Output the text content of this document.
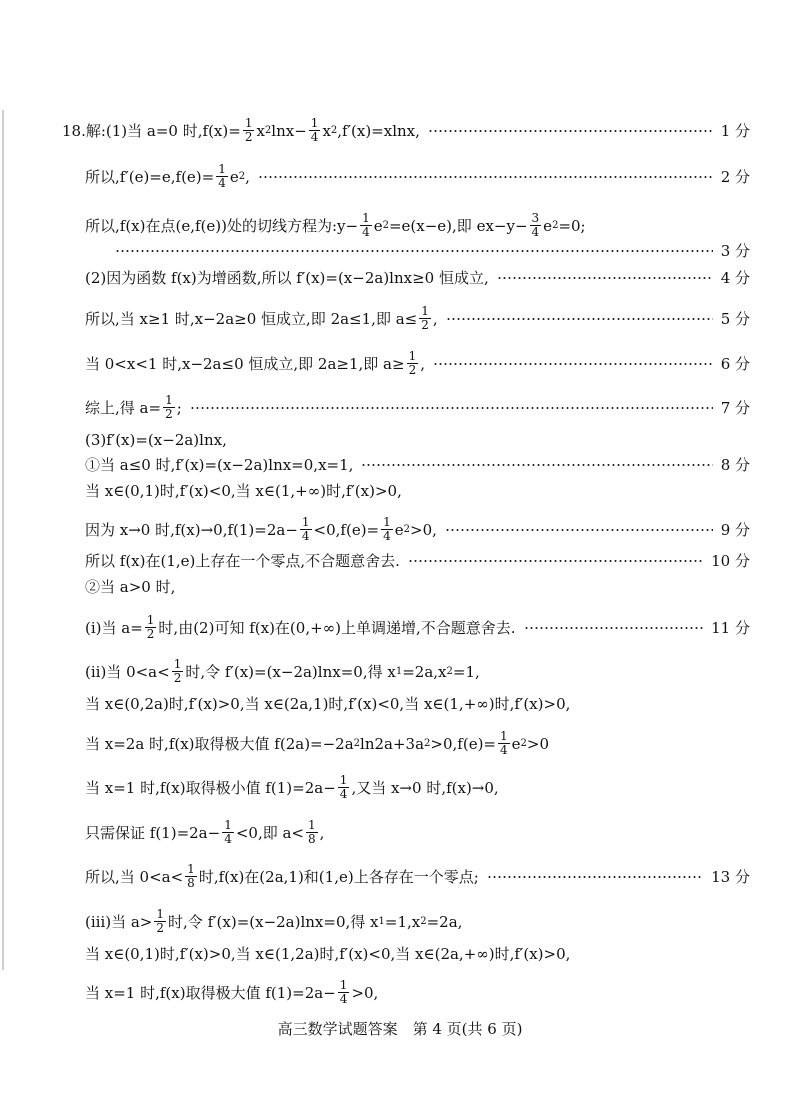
18.解:(1)当 a=0 时$,f(x)= \frac{1}{2}$ x 2 $\ln x- \frac{1}{4}$ x 2 ,f′(x)=xlnx,	1 分
所以$,f'(e)=e,f(e)= \frac{1}{4}$ e 2 ,	2 分
所以,f(x)在点(e,f(e))处的切线方程为:y− $\frac{1}{4}$ e 2 =e(x−e),即 $ex-y- \frac{3}{4}$ e 2 =0;
3 分
(2)因为函数 f(x)为增函数,所以 f′(x)=(x−2a)lnx≥0 恒成立,	4 分
所以,当 x≥1 时,x−2a≥0 恒成立,即 2a≤1,即 $a\le \frac{1}{2}$ ,	5 分
当 0<x<1 时,x−2a≤0 恒成立,即 2a≥1,即 $a\ge \frac{1}{2}$ ,	6 分
综上,得 $a= \frac{1}{2}$ ;	7 分
(3)f′(x)=(x−2a)lnx,
①当 a≤0 时,f′(x)=(x−2a)lnx=0,x=1,	8 分
当 x∈(0,1)时,f′(x)<0,当 x∈(1,+∞)时,f′(x)>0,
因为 x→0 时$,f(x)\to 0,f(1)=2a- \frac{1}{4} <0,f(e)= \frac{1}{4}$ e 2 >0,	9 分
所以 f(x)在(1,e)上存在一个零点,不合题意舍去.	10 分
②当 a>0 时,
(ⅰ)当 $a= \frac{1}{2}$ 时,由(2)可知 f(x)在(0,+∞)上单调递增,不合题意舍去.	11 分
(ⅱ)当 $0<a< \frac{1}{2}$ 时,令 f′(x)=(x−2a)lnx=0,得 x 1 =2a,x 2 =1,
当 x∈(0,2a)时,f′(x)>0,当 x∈(2a,1)时,f′(x)<0,当 x∈(1,+∞)时,f′(x)>0,
当 x=2a 时,f(x)取得极大值 f(2a)=−2a 2 ln2a+3a $2 >0,f(e)= \frac{1}{4}$ e 2 >0
当 x=1 时,f(x)取得极小值 $f(1)=2a- \frac{1}{4}$ ,又当 x→0 时,f(x)→0,
只需保证 $f(1)=2a- \frac{1}{4} <0$,即 $a< \frac{1}{8}$ ,
所以,当 $0<a< \frac{1}{8}$ 时,f(x)在(2a,1)和(1,e)上各存在一个零点;	13 分
(ⅲ)当 $a> \frac{1}{2}$ 时,令 f′(x)=(x−2a)lnx=0,得 x 1 =1,x 2 =2a,
当 x∈(0,1)时,f′(x)>0,当 x∈(1,2a)时,f′(x)<0,当 x∈(2a,+∞)时,f′(x)>0,
当 x=1 时,f(x)取得极大值 $f(1)=2a- \frac{1}{4} >0$,
高三数学试题答案　第 4 页(共 6 页)
